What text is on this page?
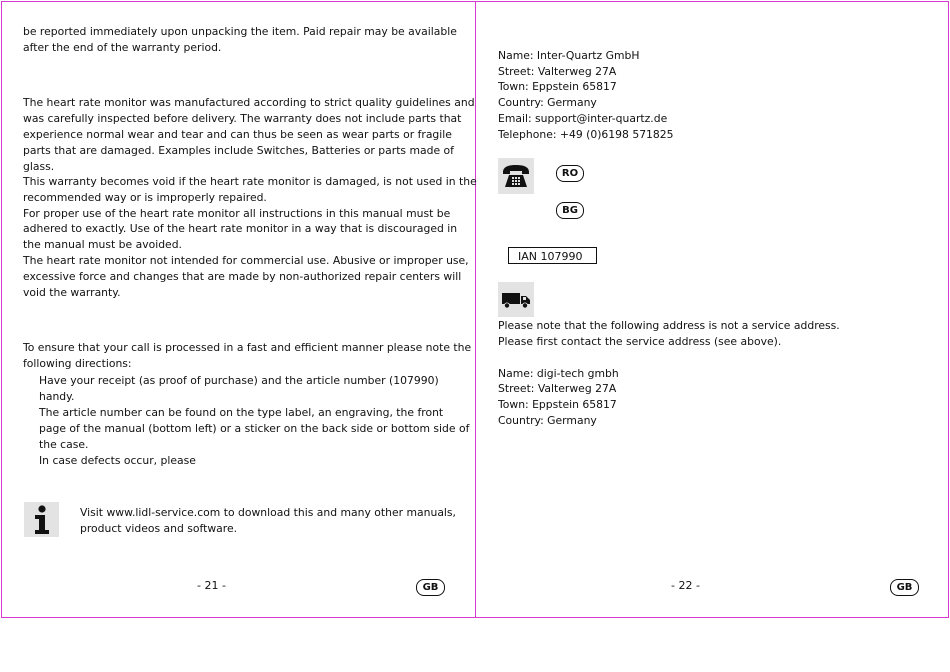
be reported immediately upon unpacking the item. Paid repair may be available
after the end of the warranty period.
The heart rate monitor was manufactured according to strict quality guidelines and
was carefully inspected before delivery. The warranty does not include parts that
experience normal wear and tear and can thus be seen as wear parts or fragile
parts that are damaged. Examples include Switches, Batteries or parts made of
glass.
This warranty becomes void if the heart rate monitor is damaged, is not used in the
recommended way or is improperly repaired.
For proper use of the heart rate monitor all instructions in this manual must be
adhered to exactly. Use of the heart rate monitor in a way that is discouraged in
the manual must be avoided.
The heart rate monitor not intended for commercial use. Abusive or improper use,
excessive force and changes that are made by non-authorized repair centers will
void the warranty.
To ensure that your call is processed in a fast and efficient manner please note the
following directions:
Have your receipt (as proof of purchase) and the article number (107990)
handy.
The article number can be found on the type label, an engraving, the front
page of the manual (bottom left) or a sticker on the back side or bottom side of
the case.
In case defects occur, please
Visit www.lidl-service.com to download this and many other manuals,
product videos and software.
- 21 -	GB
Name: Inter-Quartz GmbH
Street: Valterweg 27A
Town: Eppstein 65817
Country: Germany
Email: support@inter-quartz.de
Telephone: +49 (0)6198 571825
RO
BG
IAN 107990
Please note that the following address is not a service address.
Please first contact the service address (see above).
Name: digi-tech gmbh
Street: Valterweg 27A
Town: Eppstein 65817
Country: Germany
- 22 -	GB
